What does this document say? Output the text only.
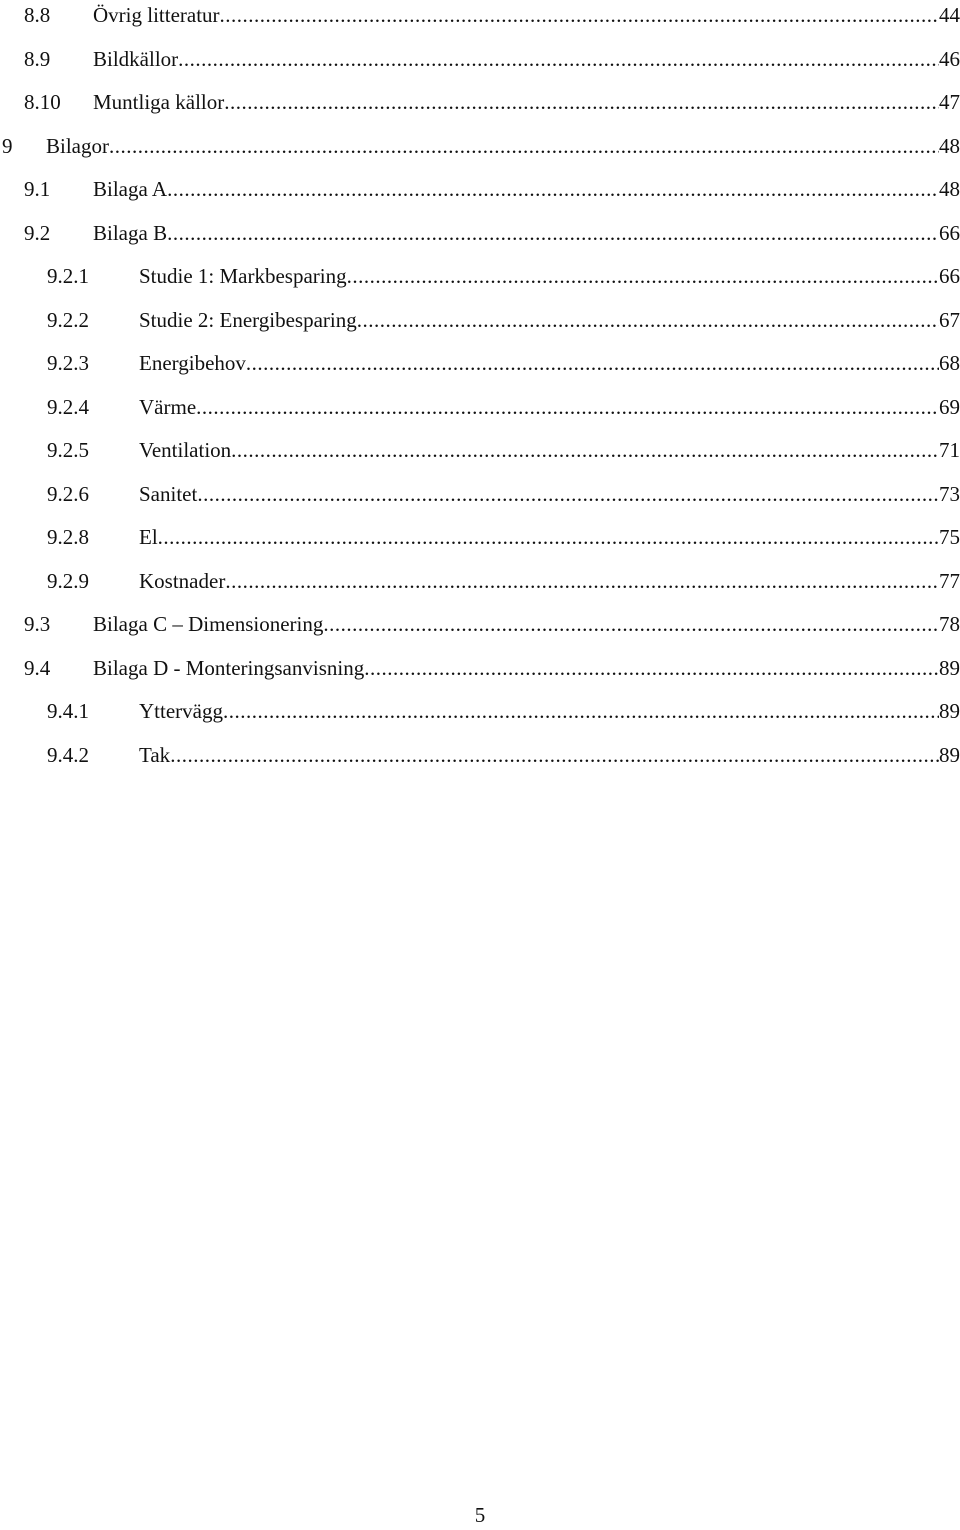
8.8 Övrig litteratur .....	44
8.9 Bildkällor .....	46
8.10 Muntliga källor .....	47
9 Bilagor .....	48
9.1 Bilaga A .....	48
9.2 Bilaga B .....	66
9.2.1 Studie 1: Markbesparing .....	66
9.2.2 Studie 2: Energibesparing .....	67
9.2.3 Energibehov .....	68
9.2.4 Värme .....	69
9.2.5 Ventilation .....	71
9.2.6 Sanitet .....	73
9.2.8 El .....	75
9.2.9 Kostnader .....	77
9.3 Bilaga C – Dimensionering .....	78
9.4 Bilaga D - Monteringsanvisning .....	89
9.4.1 Yttervägg .....	89
9.4.2 Tak .....	89
5
